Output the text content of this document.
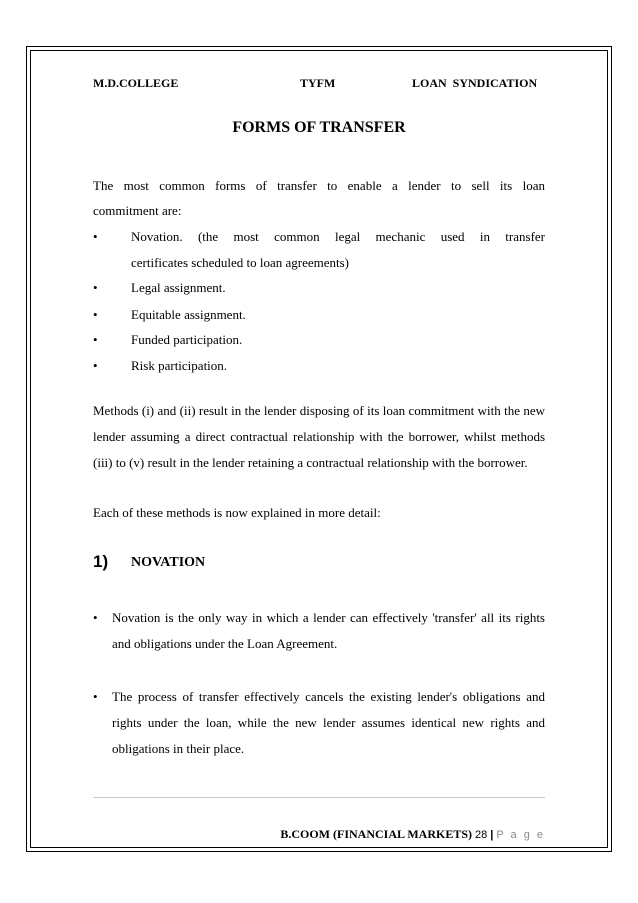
M.D.COLLEGE	TYFM	LOAN  SYNDICATION
FORMS OF TRANSFER
The most common forms of transfer to enable a lender to sell its loan
commitment are:
•	Novation. (the most common legal mechanic used in transfer
certificates scheduled to loan agreements)
•	Legal assignment.
•	Equitable assignment.
•	Funded participation.
•	Risk participation.
Methods (i) and (ii) result in the lender disposing of its loan commitment with the new lender assuming a direct contractual relationship with the borrower, whilst methods (iii) to (v) result in the lender retaining a contractual relationship with the borrower.
Each of these methods is now explained in more detail:
1) NOVATION
• Novation is the only way in which a lender can effectively 'transfer' all its rights and obligations under the Loan Agreement.
• The process of transfer effectively cancels the existing lender's obligations and rights under the loan, while the new lender assumes identical new rights and obligations in their place.
B.COOM (FINANCIAL MARKETS) 28 | P a g e
